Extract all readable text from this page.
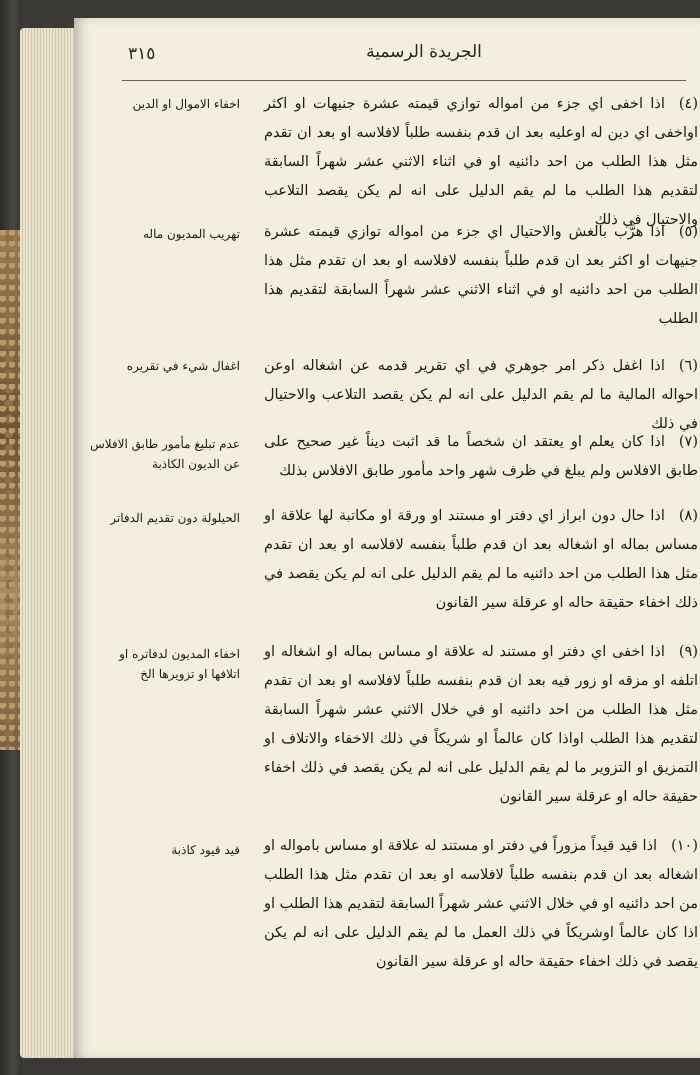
٣١٥	الجريدة الرسمية
(٤)اذا اخفى اي جزء من امواله توازي قيمته عشرة جنيهات او اكثر اواخفى اي دين له اوعليه بعد ان قدم بنفسه طلباً لافلاسه او بعد ان تقدم مثل هذا الطلب من احد دائنيه او في اثناء الاثني عشر شهراً السابقة لتقديم هذا الطلب ما لم يقم الدليل على انه لم يكن يقصد التلاعب والاحتيال في ذلك
اخفاء الاموال او الدين
(٥)اذا هرَّب بالغش والاحتيال اي جزء من امواله توازي قيمته عشرة جنيهات او اكثر بعد ان قدم طلباً بنفسه لافلاسه او بعد ان تقدم مثل هذا الطلب من احد دائنيه او في اثناء الاثني عشر شهراً السابقة لتقديم هذا الطلب
تهريب المديون ماله
(٦)اذا اغفل ذكر امر جوهري في اي تقرير قدمه عن اشغاله اوعن احواله المالية ما لم يقم الدليل على انه لم يكن يقصد التلاعب والاحتيال في ذلك
اغفال شيء في تقريره
(٧)اذا كان يعلم او يعتقد ان شخصاً ما قد اثبت ديناً غير صحيح على طابق الافلاس ولم يبلغ في ظرف شهر واحد مأمور طابق الافلاس بذلك
عدم تبليغ مأمور طابق الافلاس عن الديون الكاذبة
(٨)اذا حال دون ابراز اي دفتر او مستند او ورقة او مكاتبة لها علاقة او مساس بماله او اشغاله بعد ان قدم طلباً بنفسه لافلاسه او بعد ان تقدم مثل هذا الطلب من احد دائنيه ما لم يقم الدليل على انه لم يكن يقصد في ذلك اخفاء حقيقة حاله او عرقلة سير القانون
الحيلولة دون تقديم الدفاتر
(٩)اذا اخفى اي دفتر او مستند له علاقة او مساس بماله او اشغاله او اتلفه او مزقه او زور فيه بعد ان قدم بنفسه طلباً لافلاسه او بعد ان تقدم مثل هذا الطلب من احد دائنيه او في خلال الاثني عشر شهراً السابقة لتقديم هذا الطلب اواذا كان عالماً او شريكاً في ذلك الاخفاء والاتلاف او التمزيق او التزوير ما لم يقم الدليل على انه لم يكن يقصد في ذلك اخفاء حقيقة حاله او عرقلة سير القانون
اخفاء المديون لدفاتره او اتلافها او تزويرها الخ
(١٠)اذا قيد قيداً مزوراً في دفتر او مستند له علاقة او مساس بامواله او اشغاله بعد ان قدم بنفسه طلباً لافلاسه او بعد ان تقدم مثل هذا الطلب من احد دائنيه او في خلال الاثني عشر شهراً السابقة لتقديم هذا الطلب او اذا كان عالماً اوشريكاً في ذلك العمل ما لم يقم الدليل على انه لم يكن يقصد في ذلك اخفاء حقيقة حاله او عرقلة سير القانون
قيد قيود كاذبة
